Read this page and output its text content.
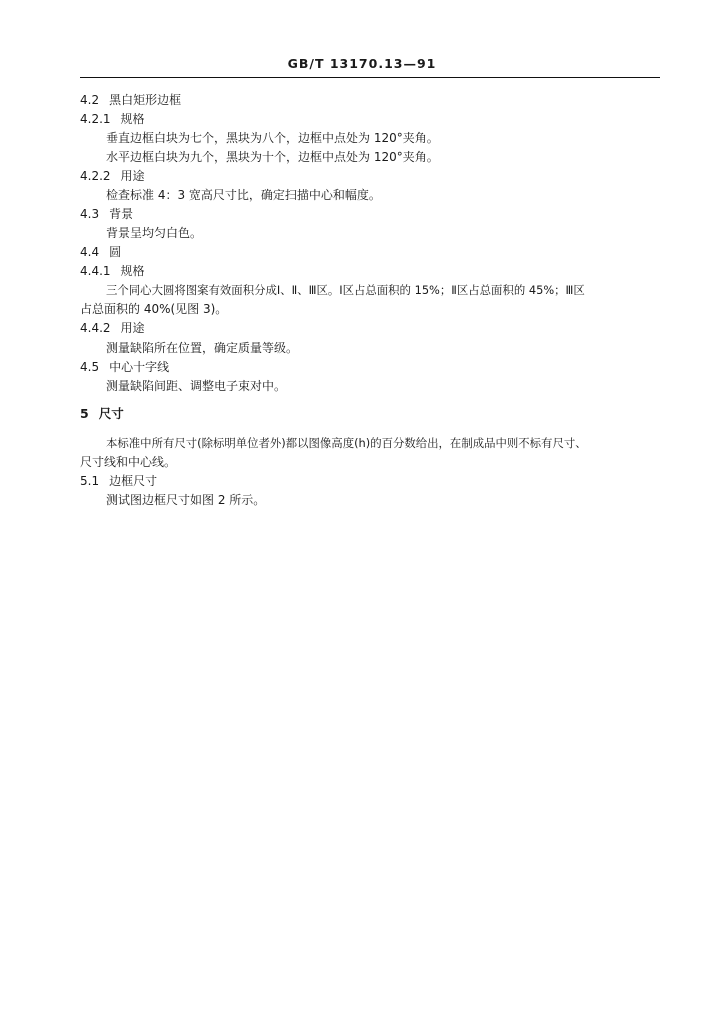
GB/T 13170.13—91
4.2 黑白矩形边框
4.2.1 规格
垂直边框白块为七个，黑块为八个，边框中点处为 120°夹角。
水平边框白块为九个，黑块为十个，边框中点处为 120°夹角。
4.2.2 用途
检查标准 4：3 宽高尺寸比，确定扫描中心和幅度。
4.3 背景
背景呈均匀白色。
4.4 圆
4.4.1 规格
三个同心大圆将图案有效面积分成Ⅰ、Ⅱ、Ⅲ区。Ⅰ区占总面积的 15%；Ⅱ区占总面积的 45%；Ⅲ区
占总面积的 40%(见图 3)。
4.4.2 用途
测量缺陷所在位置，确定质量等级。
4.5 中心十字线
测量缺陷间距、调整电子束对中。
5 尺寸
本标准中所有尺寸(除标明单位者外)都以图像高度(h)的百分数给出，在制成品中则不标有尺寸、
尺寸线和中心线。
5.1 边框尺寸
测试图边框尺寸如图 2 所示。
